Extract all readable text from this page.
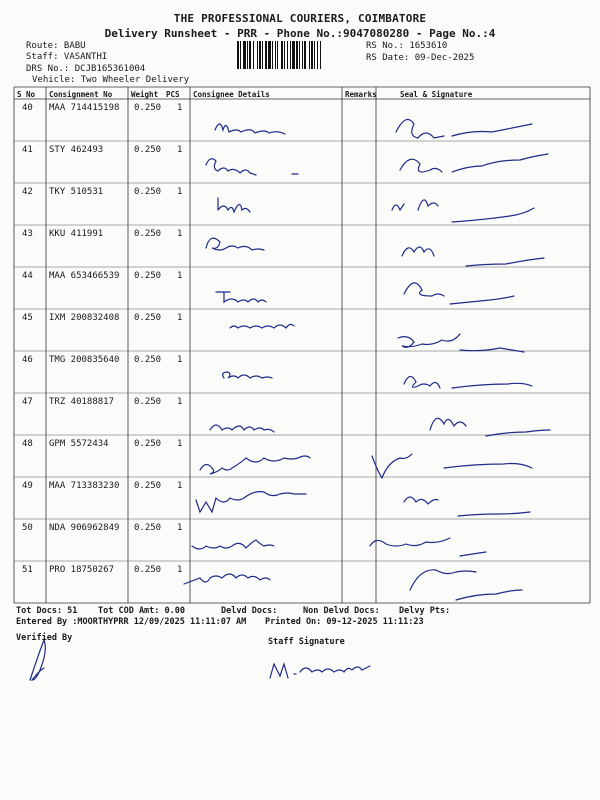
THE PROFESSIONAL COURIERS, COIMBATORE
Delivery Runsheet - PRR - Phone No.:9047080280 - Page No.:4
Route: BABU
Staff: VASANTHI
DRS No.: DCJB165361004
Vehicle: Two Wheeler Delivery
RS No.: 1653610
RS Date: 09-Dec-2025
S No Consignment No	Weight PCS Consignee Details	Remarks	Seal & Signature
40 MAA 714415198 0.250 1
41 STY 462493	0.250 1
42 TKY 510531	0.250 1
43 KKU 411991	0.250 1
44 MAA 653466539 0.250 1
45 IXM 200832408 0.250 1
46 TMG 200835640 0.250 1
47 TRZ 40188817 0.250 1
48 GPM 5572434	0.250 1
49 MAA 713383230 0.250 1
50 NDA 906962849 0.250 1
51 PRO 18750267 0.250 1
Tot Docs: 51 Tot COD Amt: 0.00	Delvd Docs:	Non Delvd Docs: Delvy Pts:
Entered By :MOORTHYPRR 12/09/2025 11:11:07 AM Printed On: 09-12-2025 11:11:23
Verified By	Staff Signature
